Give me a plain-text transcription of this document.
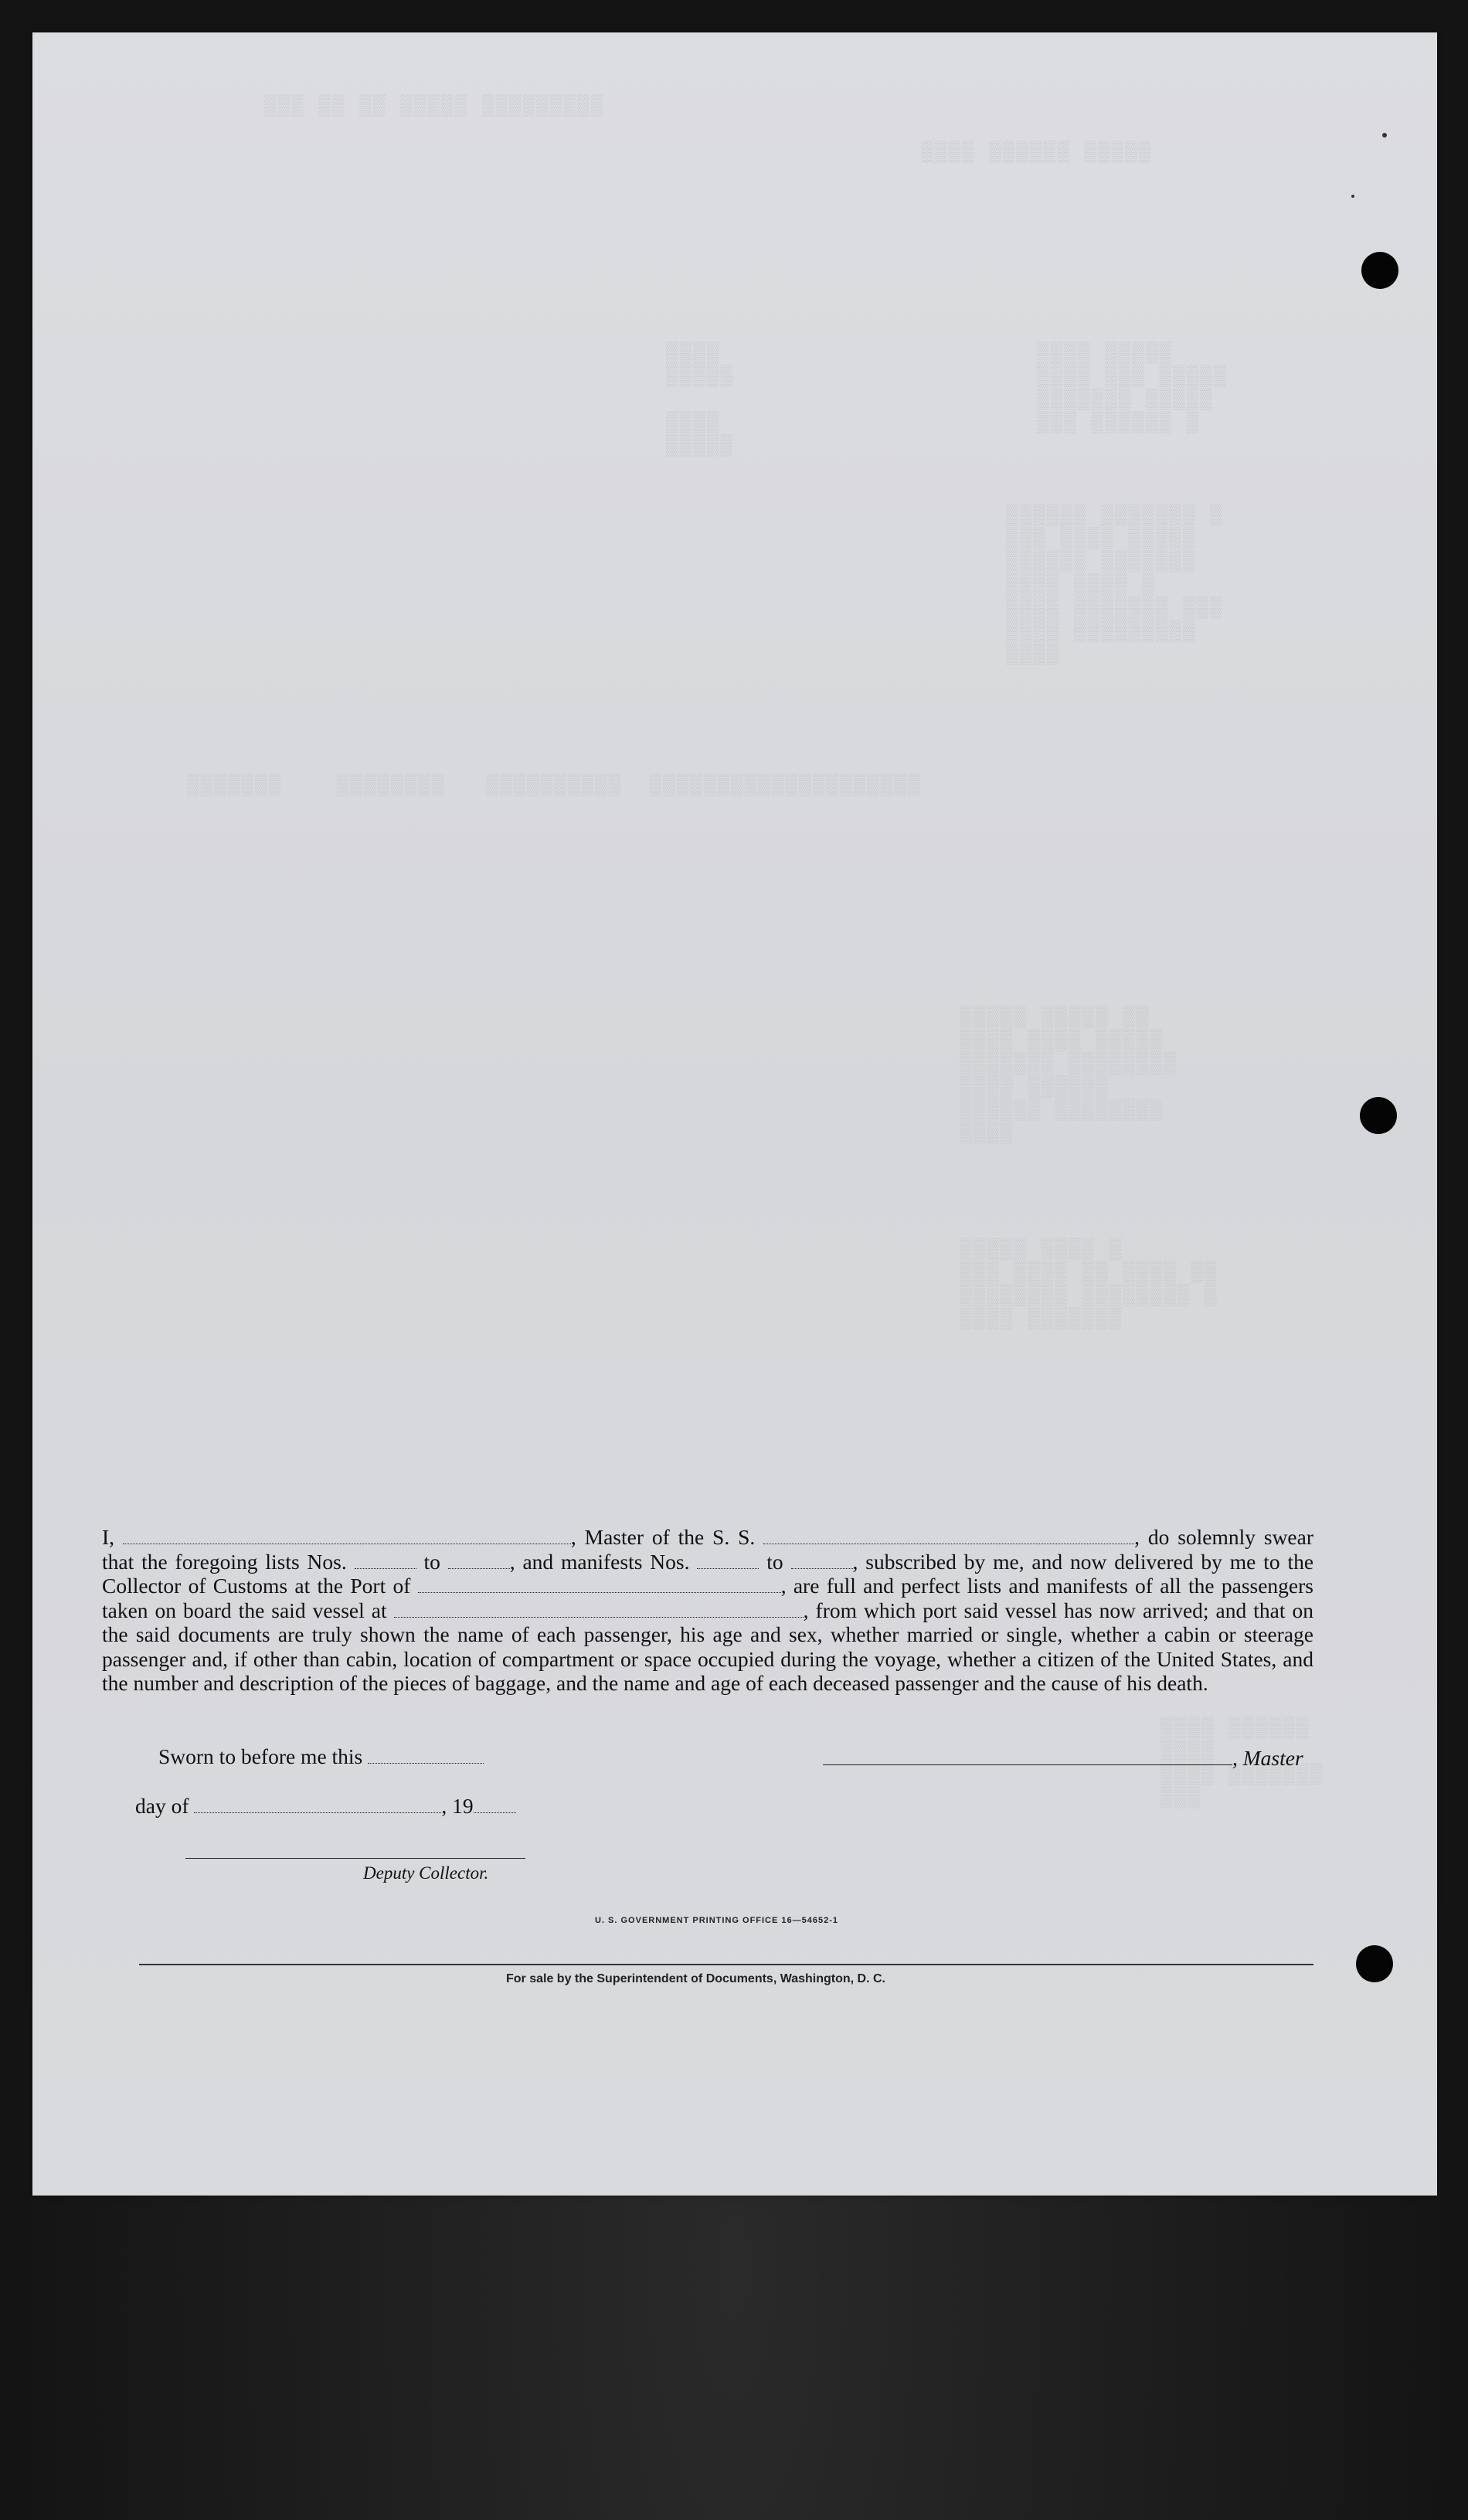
▒▒▒ ▒▒ ▒▒ ▒▒▒▒▒ ▒▒▒▒▒▒▒▒▒
▒▒▒▒ ▒▒▒▒▒▒ ▒▒▒▒▒
▒▒▒▒ ▒▒▒▒▒
▒▒▒▒ ▒▒▒ ▒▒▒▒▒
▒▒▒▒▒▒▒ ▒▒▒▒▒
▒▒▒ ▒▒▒▒▒▒ ▒
▒▒▒▒
▒▒▒▒▒

▒▒▒▒
▒▒▒▒▒
▒▒▒▒▒▒ ▒▒▒▒▒▒▒ ▒
▒▒▒ ▒▒▒▒ ▒▒▒▒▒
▒▒▒▒▒▒ ▒▒▒▒▒▒▒
▒▒▒▒ ▒▒▒▒ ▒
▒▒▒▒ ▒▒▒▒▒▒▒ ▒▒▒
▒▒▒▒ ▒▒▒▒▒▒▒▒▒
▒▒▒▒
▒▒▒▒▒▒▒    ▒▒▒▒▒▒▒▒   ▒▒▒▒▒▒▒▒▒▒  ▒▒▒▒▒▒▒▒▒▒▒▒▒▒▒▒▒▒▒▒
▒▒▒▒▒ ▒▒▒▒▒ ▒▒
▒▒▒▒ ▒▒▒▒ ▒▒▒▒▒
▒▒▒▒▒▒▒ ▒▒▒▒▒▒▒▒
▒▒▒▒ ▒▒▒▒▒▒
▒▒▒▒▒▒ ▒▒▒▒▒▒▒▒
▒▒▒▒
▒▒▒▒▒ ▒▒▒▒ ▒
▒▒▒ ▒▒▒▒ ▒▒ ▒▒▒▒ ▒▒
▒▒▒▒▒▒▒▒ ▒▒▒▒▒▒▒▒ ▒
▒▒▒▒ ▒▒▒▒▒▒▒
▒▒▒▒ ▒▒▒▒▒▒
▒▒▒▒
▒▒▒▒ ▒▒▒▒▒▒▒
▒▒▒

I,	, Master of the S. S.	, do solemnly swear that the foregoing lists Nos.	to	, and manifests Nos.	to	, subscribed by me, and now delivered by me to the Collector of Customs at the Port of	, are full and perfect lists and manifests of all the passengers taken on board the said vessel at	, from which port said vessel has now arrived; and that on the said documents are truly shown the name of each passenger, his age and sex, whether married or single, whether a cabin or steerage passenger and, if other than cabin, location of compartment or space occupied during the voyage, whether a citizen of the United States, and the number and description of the pieces of baggage, and the name and age of each deceased passenger and the cause of his death.

Sworn to before me this	, Master
day of	, 19
Deputy Collector.
U. S. GOVERNMENT PRINTING OFFICE 16—54652-1
For sale by the Superintendent of Documents, Washington, D. C.
